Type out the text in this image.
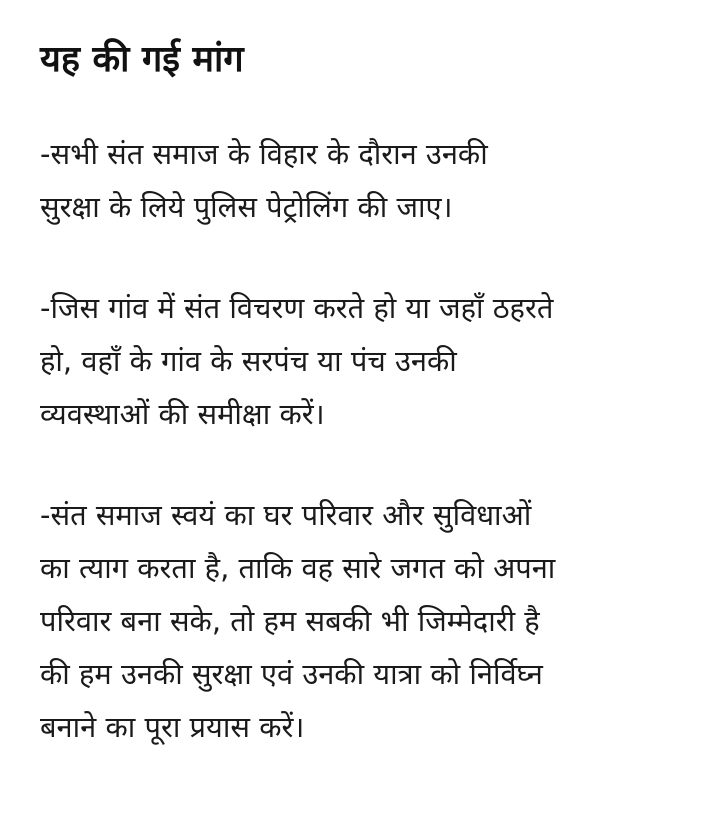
यह की गई मांग

-सभी संत समाज के विहार के दौरान उनकी
सुरक्षा के लिये पुलिस पेट्रोलिंग की जाए।

-जिस गांव में संत विचरण करते हो या जहाँ ठहरते
हो, वहाँ के गांव के सरपंच या पंच उनकी
व्यवस्थाओं की समीक्षा करें।

-संत समाज स्वयं का घर परिवार और सुविधाओं
का त्याग करता है, ताकि वह सारे जगत को अपना
परिवार बना सके, तो हम सबकी भी जिम्मेदारी है
की हम उनकी सुरक्षा एवं उनकी यात्रा को निर्विघ्न
बनाने का पूरा प्रयास करें।
